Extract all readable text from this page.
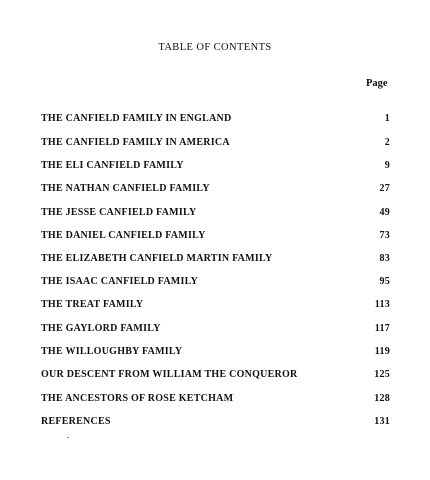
TABLE OF CONTENTS
Page
THE CANFIELD FAMILY IN ENGLAND	1
THE CANFIELD FAMILY IN AMERICA	2
THE ELI CANFIELD FAMILY	9
THE NATHAN CANFIELD FAMILY	27
THE JESSE CANFIELD FAMILY	49
THE DANIEL CANFIELD FAMILY	73
THE ELIZABETH CANFIELD MARTIN FAMILY	83
THE ISAAC CANFIELD FAMILY	95
THE TREAT FAMILY	113
THE GAYLORD FAMILY	117
THE WILLOUGHBY FAMILY	119
OUR DESCENT FROM WILLIAM THE CONQUEROR	125
THE ANCESTORS OF ROSE KETCHAM	128
REFERENCES	131
